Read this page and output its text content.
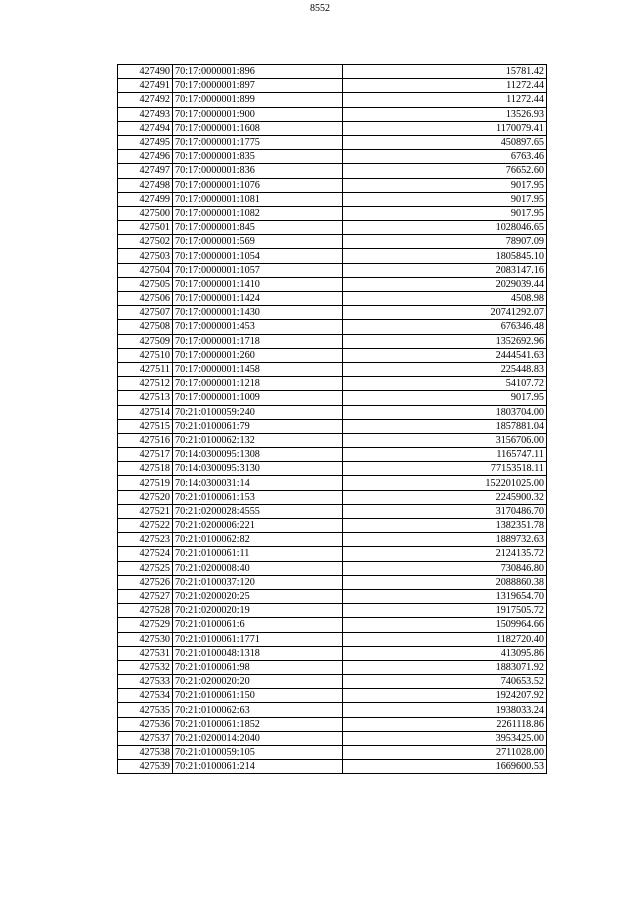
8552
427490	70:17:0000001:896	15781.42
427491	70:17:0000001:897	11272.44
427492	70:17:0000001:899	11272.44
427493	70:17:0000001:900	13526.93
427494	70:17:0000001:1608	1170079.41
427495	70:17:0000001:1775	450897.65
427496	70:17:0000001:835	6763.46
427497	70:17:0000001:836	76652.60
427498	70:17:0000001:1076	9017.95
427499	70:17:0000001:1081	9017.95
427500	70:17:0000001:1082	9017.95
427501	70:17:0000001:845	1028046.65
427502	70:17:0000001:569	78907.09
427503	70:17:0000001:1054	1805845.10
427504	70:17:0000001:1057	2083147.16
427505	70:17:0000001:1410	2029039.44
427506	70:17:0000001:1424	4508.98
427507	70:17:0000001:1430	20741292.07
427508	70:17:0000001:453	676346.48
427509	70:17:0000001:1718	1352692.96
427510	70:17:0000001:260	2444541.63
427511	70:17:0000001:1458	225448.83
427512	70:17:0000001:1218	54107.72
427513	70:17:0000001:1009	9017.95
427514	70:21:0100059:240	1803704.00
427515	70:21:0100061:79	1857881.04
427516	70:21:0100062:132	3156706.00
427517	70:14:0300095:1308	1165747.11
427518	70:14:0300095:3130	77153518.11
427519	70:14:0300031:14	152201025.00
427520	70:21:0100061:153	2245900.32
427521	70:21:0200028:4555	3170486.70
427522	70:21:0200006:221	1382351.78
427523	70:21:0100062:82	1889732.63
427524	70:21:0100061:11	2124135.72
427525	70:21:0200008:40	730846.80
427526	70:21:0100037:120	2088860.38
427527	70:21:0200020:25	1319654.70
427528	70:21:0200020:19	1917505.72
427529	70:21:0100061:6	1509964.66
427530	70:21:0100061:1771	1182720.40
427531	70:21:0100048:1318	413095.86
427532	70:21:0100061:98	1883071.92
427533	70:21:0200020:20	740653.52
427534	70:21:0100061:150	1924207.92
427535	70:21:0100062:63	1938033.24
427536	70:21:0100061:1852	2261118.86
427537	70:21:0200014:2040	3953425.00
427538	70:21:0100059:105	2711028.00
427539	70:21:0100061:214	1669600.53
